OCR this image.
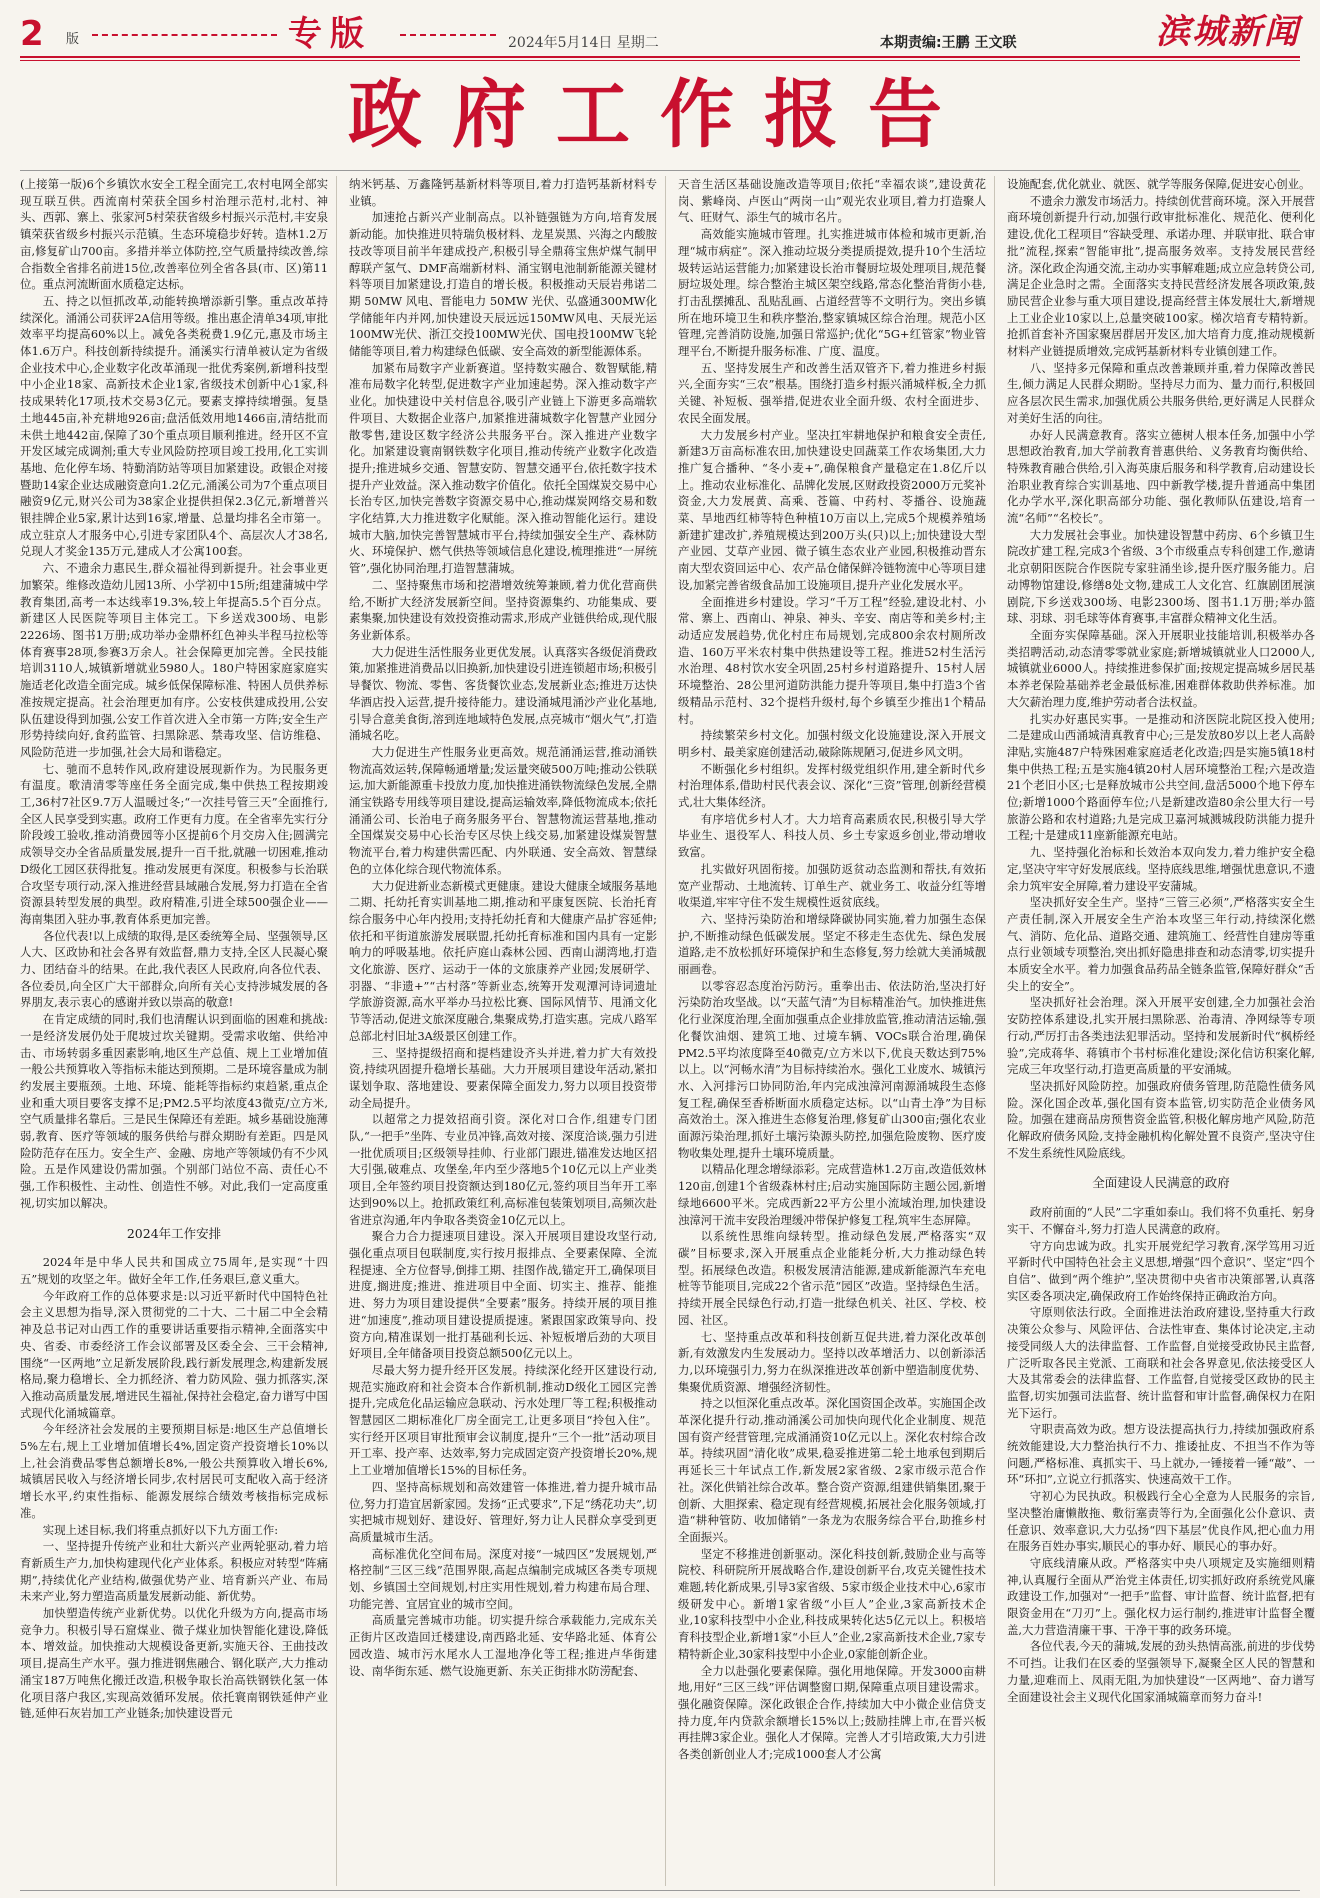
2 版	专版	2024年5月14日 星期二	本期责编:王鹏 王文联	滨城新闻
政府工作报告

(上接第一版)6个乡镇饮水安全工程全面完工,农村电网全部实现互联互供。西流南村荣获全国乡村治理示范村,北村、神头、西郭、寨上、张家河5村荣获省级乡村振兴示范村,丰安泉镇荣获省级乡村振兴示范镇。生态环境稳步好转。造林1.2万亩,修复矿山700亩。多措并举立体防控,空气质量持续改善,综合指数全省排名前进15位,改善率位列全省各县(市、区)第11位。重点河流断面水质稳定达标。

五、持之以恒抓改革,动能转换增添新引擎。重点改革持续深化。涌涌公司获评2A信用等级。推出惠企清单34项,审批效率平均提高60%以上。减免各类税费1.9亿元,惠及市场主体1.6万户。科技创新持续提升。涌溪实行清单被认定为省级企业技术中心,企业数字化改革涌现一批优秀案例,新增科技型中小企业18家、高新技术企业1家,省级技术创新中心1家,科技成果转化17项,技术交易3亿元。要素支撑持续增强。复垦土地445亩,补充耕地926亩;盘活低效用地1466亩,清结批而未供土地442亩,保障了30个重点项目顺利推进。经开区不宣开发区域完成调剂;重大专业风险防控项目竣工投用,化工实训基地、危化停车场、特勤消防站等项目加紧建设。政银企对接暨助14家企业达成融资意向1.2亿元,涌溪公司为7个重点项目融资9亿元,财兴公司为38家企业提供担保2.3亿元,新增普兴银挂牌企业5家,累计达到16家,增量、总量均排名全市第一。成立驻京人才服务中心,引进专家团队4个、高层次人才38名,兑现人才奖金135万元,建成人才公寓100套。

六、不遗余力惠民生,群众福祉得到新提升。社会事业更加繁荣。维修改造幼儿园13所、小学初中15所;组建蒲城中学教育集团,高考一本达线率19.3%,较上年提高5.5个百分点。新建区人民医院等项目主体完工。下乡送戏300场、电影2226场、图书1万册;成功举办金鼎杯红色神头半程马拉松等体育赛事28项,参赛3万余人。社会保障更加完善。全民技能培训3110人,城镇新增就业5980人。180户特困家庭家庭实施适老化改造全面完成。城乡低保保障标准、特困人员供养标准按规定提高。社会治理更加有序。公安枝供建成投用,公安队伍建设得到加强,公安工作首次进入全市第一方阵;安全生产形势持续向好,食药监管、扫黑除恶、禁毒攻坚、信访维稳、风险防范进一步加强,社会大局和谐稳定。

七、驰而不息转作风,政府建设展现新作为。为民服务更有温度。歌清清零等座任务全面完成,集中供热工程按期竣工,36村7社区9.7万人温暖过冬;“一次挂号管三天”全面推行,全区人民享受到实惠。政府工作更有力度。在全省率先实行分阶段竣工验收,推动消费园等小区提前6个月交房入住;圆满完成领导交办全省品质量发展,提升一百千批,就融一切困难,推动D级化工园区获得批复。推动发展更有深度。积极参与长治联合攻坚专项行动,深入推进经营县域融合发展,努力打造在全省资源县转型发展的典型。政府精准,引进全球500强企业——海南集团入驻办事,教育体系更加完善。

各位代表!以上成绩的取得,是区委统筹全局、坚强领导,区人大、区政协和社会各界有效监督,鼎力支持,全区人民凝心聚力、团结奋斗的结果。在此,我代表区人民政府,向各位代表、各位委员,向全区广大干部群众,向所有关心支持涉城发展的各界朋友,表示衷心的感谢并致以崇高的敬意!

在肯定成绩的同时,我们也清醒认识到面临的困难和挑战:一是经济发展仍处于爬坡过坎关键期。受需求收缩、供给冲击、市场转弱多重因素影响,地区生产总值、规上工业增加值一般公共预算收入等指标未能达到预期。二是环境容量成为制约发展主要瓶颈。土地、环境、能耗等指标约束趋紧,重点企业和重大项目要客支撑不足;PM2.5平均浓度43微克/立方米,空气质量排名靠后。三是民生保障还有差距。城乡基础设施薄弱,教育、医疗等领域的服务供给与群众期盼有差距。四是风险防范存在压力。安全生产、金融、房地产等领域仍有不少风险。五是作风建设仍需加强。个别部门站位不高、责任心不强,工作积极性、主动性、创造性不够。对此,我们一定高度重视,切实加以解决。

2024年工作安排

2024年是中华人民共和国成立75周年,是实现“十四五”规划的攻坚之年。做好全年工作,任务艰巨,意义重大。

今年政府工作的总体要求是:以习近平新时代中国特色社会主义思想为指导,深入贯彻党的二十大、二十届二中全会精神及总书记对山西工作的重要讲话重要指示精神,全面落实中央、省委、市委经济工作会议部署及区委全会、三干会精神,围绕“一区两地”立足新发展阶段,践行新发展理念,构建新发展格局,聚力稳增长、全力抓经济、着力防风险、强力抓落实,深入推动高质量发展,增进民生福祉,保持社会稳定,奋力谱写中国式现代化涌城篇章。

今年经济社会发展的主要预期目标是:地区生产总值增长5%左右,规上工业增加值增长4%,固定资产投资增长10%以上,社会消费品零售总额增长8%,一般公共预算收入增长6%,城镇居民收入与经济增长同步,农村居民可支配收入高于经济增长水平,约束性指标、能源发展综合绩效考核指标完成标准。

实现上述目标,我们将重点抓好以下九方面工作:

一、坚持提升传统产业和壮大新兴产业两轮驱动,着力培育新质生产力,加快构建现代化产业体系。积极应对转型“阵痛期”,持续优化产业结构,做强优势产业、培育新兴产业、布局未来产业,努力塑造高质量发展新动能、新优势。

加快塑造传统产业新优势。以优化升级为方向,提高市场竞争力。积极引导石窟煤业、微子煤业加快智能化建设,降低本、增效益。加快推动大规模设备更新,实施天谷、王曲技改项目,提高生产水平。强力推进钢焦融合、钢化联产,大力推动涌宝187万吨焦化搬迁改造,积极争取长治高铁钢铁化氢一体化项目落户我区,实现高效循环发展。依托寰南钢铁延伸产业链,延伸石灰岩加工产业链条;加快建设晋元

纳米钙基、万鑫隆钙基新材料等项目,着力打造钙基新材料专业镇。

加速抢占新兴产业制高点。以补链强链为方向,培育发展新动能。加快推进贝特瑞负极材料、龙星炭黑、兴海之内酸胺技改等项目前半年建成投产,积极引导全鼎蒋宝焦炉煤气制甲醇联产氢气、DMF高端新材料、涌宝钢电池制新能源关键材料等项目加紧建设,打造自的增长极。积极推动天辰岩弗诺二期 50MW 风电、晋能电力 50MW 光伏、弘盛通300MW化学储能年内并网,加快建设天辰远远150MW风电、天辰光运100MW光伏、浙江交投100MW光伏、国电投100MW飞轮储能等项目,着力构建绿色低碳、安全高效的新型能源体系。

加紧布局数字产业新赛道。坚持数实融合、数智赋能,精准布局数字化转型,促进数字产业加速起势。深入推动数字产业化。加快建设中关村信息谷,吸引产业链上下游更多高端软件项目、大数据企业落户,加紧推进蒲城数字化智慧产业园分散零售,建设区数字经济公共服务平台。深入推进产业数字化。加紧建设寰南钢铁数字化项目,推动传统产业数字化改造提升;推进城乡交通、智慧安防、智慧交通平台,依托数字技术提升产业效益。深入推动数字价值化。依托全国煤炭交易中心长治专区,加快完善数字资源交易中心,推动煤炭网络交易和数字化结算,大力推进数字化赋能。深入推动智能化运行。建设城市大脑,加快完善智慧城市平台,持续加强安全生产、森林防火、环境保护、燃气供热等领域信息化建设,梳理推进“一屏统管”,强化协同治理,打造智慧蒲城。

二、坚持聚焦市场和挖潜增效统筹兼顾,着力优化营商供给,不断扩大经济发展新空间。坚持资源集约、功能集成、要素集聚,加快建设有效投资推动需求,形成产业链供给成,现代服务业新体系。

大力促进生活性服务业更优发展。认真落实各级促消费政策,加紧推进消费品以旧换新,加快建设引进连锁超市场;积极引导餐饮、物流、零售、客货餐饮业态,发展新业态;推进万达快华酒店投入运营,提升接待能力。建设涌城甩涌沙产业化基地,引导合意美食街,溶到连地域特色发展,点亮城市“烟火气”,打造涌城名吃。

大力促进生产性服务业更高效。规范涌涌运营,推动涌铁物流高效运转,保障畅通增量;发运量突破500万吨;推动公铁联运,加大新能源重卡投放力度,加快推进涌铁物流绿色发展,全鼎涌宝铁路专用线等项目建设,提高运输效率,降低物流成本;依托涌涌公司、长治电子商务服务平台、智慧物流运营基地,推动全国煤炭交易中心长治专区尽快上线交易,加紧建设煤炭智慧物流平台,着力构建供需匹配、内外联通、安全高效、智慧绿色的立体化综合现代物流体系。

大力促进新业态新模式更健康。建设大健康全域服务基地二期、托幼托育实训基地二期,推动和平康复医院、长治托育综合服务中心年内投用;支持托幼托育和大健康产品扩容延伸;依托和平街道旅游发展联盟,托幼托育标准和国内具有一定影响力的呼吸基地。依托庐庭山森林公园、西南山湖湾地,打造文化旅游、医疗、运动于一体的文旅康养产业园;发展研学、羽器、“非遗+”“古村落”等新业态,统筹开发观潭河诗词遗址学旅游资源,高水平举办马拉松比赛、国际风情节、甩涌文化节等活动,促进文旅深度融合,集聚成势,打造实惠。完成八路军总部北村旧址3A级景区创建工作。

三、坚持提级招商和提档建设齐头并进,着力扩大有效投资,持续巩固提升稳增长基础。大力开展项目建设年活动,紧扣谋划争取、落地建设、要素保障全面发力,努力以项目投资带动全局提升。

以超常之力提效招商引资。深化对口合作,组建专门团队,“一把手”坐阵、专业员冲锋,高效对接、深度洽谈,强力引进一批优质项目;区级领导挂帅、行业部门跟进,锚准发达地区招大引强,破难点、攻堡垒,年内至少落地5个10亿元以上产业类项目,全年签约项目投资额达到180亿元,签约项目当年开工率达到90%以上。抢抓政策红利,高标准包装策划项目,高频次赴省进京沟通,年内争取各类资金10亿元以上。

聚合力合力提速项目建设。深入开展项目建设攻坚行动,强化重点项目包联制度,实行按月报排点、全要素保障、全流程提速、全方位督导,倒排工期、挂图作战,锚定开工,确保项目进度,搁进度;推进、推进项目中全面、切实主、推荐、能推进、努力为项目建设提供“全要素”服务。持续开展的项目推进“加速度”,推动项目建设提质提速。紧跟国家政策导向、投资方向,精准谋划一批打基础利长远、补短板增后劲的大项目好项目,全年储备项目投资总额500亿元以上。

尽最大努力提升经开区发展。持续深化经开区建设行动,规范实施政府和社会资本合作新机制,推动D级化工园区完善提升,完成危化品运输应急联动、污水处理厂等工程;积极推动智慧园区二期标准化厂房全面完工,让更多项目“拎包入住”。实行经开区项目审批预审会议制度,提升“三个一批”活动项目开工率、投产率、达效率,努力完成固定资产投资增长20%,规上工业增加值增长15%的目标任务。

四、坚持高标规划和高效建管一体推进,着力提升城市品位,努力打造宜居新家园。发扬“正式要求”,下足“绣花功夫”,切实把城市规划好、建设好、管理好,努力让人民群众享受到更高质量城市生活。

高标准优化空间布局。深度对接“一城四区”发展规划,严格控制“三区三线”范围界限,高起点编制完成城区各类专项规划、乡镇国土空间规划,村庄实用性规划,着力构建布局合理、功能完善、宜居宜业的城市空间。

高质量完善城市功能。切实提升综合承载能力,完成东关正街片区改造回迁楼建设,南西路北延、安华路北延、体育公园改造、城市污水尾水人工湿地净化等工程;推进卢华街建设、南华街东延、燃气设施更新、东关正街排水防涝配套、

天音生活区基础设施改造等项目;依托“幸福农谈”,建设黄花岗、紫峰岗、卢医山“两岗一山”观光农业项目,着力打造聚人气、旺财气、添生气的城市名片。

高效能实施城市管理。扎实推进城市体检和城市更新,治理“城市病症”。深入推动垃圾分类提质提效,提升10个生活垃圾转运站运营能力;加紧建设长治市餐厨垃圾处理项目,规范餐厨垃圾处理。综合整治主城区架空线路,常态化整治背街小巷,打击乱摆摊乱、乱贴乱画、占道经营等不文明行为。突出乡镇所在地环境卫生和秩序整治,整家镇城区综合治理。规范小区管理,完善消防设施,加强日常巡护;优化“5G+红管家”物业管理平台,不断提升服务标准、广度、温度。

五、坚持发展生产和改善生活双管齐下,着力推进乡村振兴,全面夯实“三农”根基。围绕打造乡村振兴涌城样板,全力抓关键、补短板、强举措,促进农业全面升级、农村全面进步、农民全面发展。

大力发展乡村产业。坚决扛牢耕地保护和粮食安全责任,新建3万亩高标准农田,加快建设史回蔬菜工作农场集团,大力推广复合播种、“冬小麦+”,确保粮食产量稳定在1.8亿斤以上。推动农业标准化、品牌化发展,区财政投资2000万元奖补资金,大力发展黄、高乘、苍篇、中药村、苓播谷、设施蔬菜、旱地西红柿等特色种植10万亩以上,完成5个规模养殖场新建扩建改扩,养殖规模达到200万头(只)以上;加快建设大型产业园、艾草产业园、微子镇生态农业产业园,积极推动晋东南大型农资回运中心、农产品仓储保鲜冷链物流中心等项目建设,加紧完善省级食品加工设施项目,提升产业化发展水平。

全面推进乡村建设。学习“千万工程”经验,建设北村、小常、寨上、西南山、神泉、神头、辛安、南店等和美乡村;主动适应发展趋势,优化村庄布局规划,完成800余农村厕所改造、160万平米农村集中供热建设等工程。推进52村生活污水治理、48村饮水安全巩固,25村乡村道路提升、15村人居环境整治、28公里河道防洪能力提升等项目,集中打造3个省级精品示范村、32个提档升级村,每个乡镇至少推出1个精品村。

持续繁荣乡村文化。加强村级文化设施建设,深入开展文明乡村、最美家庭创建活动,破除陈规陋习,促进乡风文明。

不断强化乡村组织。发挥村级党组织作用,建全新时代乡村治理体系,借助村民代表会议、深化“三资”管理,创新经营模式,壮大集体经济。

有序培优乡村人才。大力培育高素质农民,积极引导大学毕业生、退役军人、科技人员、乡土专家返乡创业,带动增收致富。

扎实做好巩固衔接。加强防返贫动态监测和帮扶,有效拓宽产业帮动、土地流转、订单生产、就业务工、收益分红等增收渠道,牢牢守住不发生规模性返贫底线。

六、坚持污染防治和增绿降碳协同实施,着力加强生态保护,不断推动绿色低碳发展。坚定不移走生态优先、绿色发展道路,走不放松抓好环境保护和生态修复,努力绘就大美涌城靓丽画卷。

以零容忍态度治污防污。重拳出击、依法防治,坚决打好污染防治攻坚战。以“天蓝气清”为目标精准治气。加快推进焦化行业深度治理,全面加强重点企业排放监管,推动清洁运输,强化餐饮油烟、建筑工地、过境车辆、VOCs联合治理,确保PM2.5平均浓度降至40微克/立方米以下,优良天数达到75%以上。以“河畅水清”为目标持续治水。强化工业废水、城镇污水、入河排污口协同防治,年内完成浊漳河南源涌城段生态修复工程,确保至香桥断面水质稳定达标。以“山青土净”为目标高效治土。深入推进生态修复治理,修复矿山300亩;强化农业面源污染治理,抓好土壤污染源头防控,加强危险废物、医疗废物收集处理,提升土壤环境质量。

以精品化理念增绿添彩。完成营造林1.2万亩,改造低效林120亩,创建1个省级森林村庄;启动实施国际防主题公园,新增绿地6600平米。完成西新22平方公里小流域治理,加快建设浊漳河干流丰安段治理缓冲带保护修复工程,筑牢生态屏障。

以系统性思维向绿转型。推动绿色发展,严格落实“双碳”目标要求,深入开展重点企业能耗分析,大力推动绿色转型。拓展绿色改造。积极发展清洁能源,建成新能源汽车充电桩等节能项目,完成22个省示范“园区”改造。坚持绿色生活。持续开展全民绿色行动,打造一批绿色机关、社区、学校、校园、社区。

七、坚持重点改革和科技创新互促共进,着力深化改革创新,有效激发内生发展动力。坚持以改革增活力、以创新添活力,以环境强引力,努力在纵深推进改革创新中塑造制度优势、集聚优质资源、增强经济韧性。

持之以恒深化重点改革。深化国资国企改革。实施国企改革深化提升行动,推动涌溪公司加快向现代化企业制度、规范国有资产经营管理,完成涌涌资10亿元以上。深化农村综合改革。持续巩固“清化收”成果,稳妥推进第二轮土地承包到期后再延长三十年试点工作,新发展2家省级、2家市级示范合作社。深化供销社综合改革。整合资产资源,组建供销集团,聚于创新、大胆探索、稳定现有经营规模,拓展社会化服务领域,打造“耕种管防、收加储销”一条龙为农服务综合平台,助推乡村全面振兴。

坚定不移推进创新驱动。深化科技创新,鼓励企业与高等院校、科研院所开展战略合作,建设创新平台,攻克关键性技术难题,转化新成果,引导3家省级、5家市级企业技术中心,6家市级研发中心。新增1家省级“小巨人”企业,3家高新技术企业,10家科技型中小企业,科技成果转化达5亿元以上。积极培育科技型企业,新增1家“小巨人”企业,2家高新技术企业,7家专精特新企业,30家科技型中小企业,0家能创新企业。

全力以赴强化要素保障。强化用地保障。开发3000亩耕地,用好“三区三线”评估调整窗口期,保障重点项目建设需求。强化融资保障。深化政银企合作,持续加大中小微企业信贷支持力度,年内贷款余额增长15%以上;鼓励挂牌上市,在晋兴板再挂牌3家企业。强化人才保障。完善人才引培政策,大力引进各类创新创业人才;完成1000套人才公寓

设施配套,优化就业、就医、就学等服务保障,促进安心创业。

不遗余力激发市场活力。持续创优营商环境。深入开展营商环境创新提升行动,加强行政审批标准化、规范化、便利化建设,优化工程项目“容缺受理、承诺办理、并联审批、联合审批”流程,探索“智能审批”,提高服务效率。支持发展民营经济。深化政企沟通交流,主动办实事解难题;成立应急转贷公司,满足企业急时之需。全面落实支持民营经济发展各项政策,鼓励民营企业参与重大项目建设,提高经营主体发展壮大,新增规上工业企业10家以上,总量突破100家。梯次培育专精特新。抢抓首套补齐国家聚居群居开发区,加大培育力度,推动规模新材料产业链提质增效,完成钙基新材料专业镇创建工作。

八、坚持多元保障和重点改善兼顾并重,着力保障改善民生,倾力满足人民群众期盼。坚持尽力而为、量力而行,积极回应各层次民生需求,加强优质公共服务供给,更好满足人民群众对美好生活的向往。

办好人民满意教育。落实立德树人根本任务,加强中小学思想政治教育,加大学前教育普惠供给、义务教育均衡供给、特殊教育融合供给,引入海英康后服务和科学教育,启动建设长治职业教育综合实训基地、四中新教学楼,提升普通高中集团化办学水平,深化职高部分功能、强化教师队伍建设,培育一流“名师”“名校长”。

大力发展社会事业。加快建设智慧中药房、6个乡镇卫生院改扩建工程,完成3个省级、3个市级重点专科创建工作,邀请北京朝阳医院合作医院专家驻涌坐诊,提升医疗服务能力。启动博物馆建设,修缮8处文物,建成工人文化宫、红旗剧团展演剧院,下乡送戏300场、电影2300场、图书1.1万册;举办篮球、羽球、羽毛球等体育赛事,丰富群众精神文化生活。

全面夯实保障基础。深入开展职业技能培训,积极举办各类招聘活动,动态清零零就业家庭;新增城镇就业人口2000人,城镇就业6000人。持续推进参保扩面;按规定提高城乡居民基本养老保险基础养老金最低标准,困难群体救助供养标准。加大欠薪治理力度,维护劳动者合法权益。

扎实办好惠民实事。一是推动和济医院北院区投入使用;二是建成山西涌城清真教育中心;三是发放80岁以上老人高龄津贴,实施487户特殊困难家庭适老化改造;四是实施5镇18村集中供热工程;五是实施4镇20村人居环境整治工程;六是改造21个老旧小区;七是释放城市公共空间,盘活5000个地下停车位;新增1000个路面停车位;八是新建改造80余公里大行一号旅游公路和农村道路;九是完成卫嘉河城溅城段防洪能力提升工程;十是建成11座新能源充电站。

九、坚持强化治标和长效治本双向发力,着力维护安全稳定,坚决守牢守好发展底线。坚持底线思维,增强忧患意识,不遗余力筑牢安全屏障,着力建设平安蒲城。

坚决抓好安全生产。坚持“三管三必须”,严格落实安全生产责任制,深入开展安全生产治本攻坚三年行动,持续深化燃气、消防、危化品、道路交通、建筑施工、经营性自建房等重点行业领域专项整治,突出抓好隐患排查和动态清零,切实提升本质安全水平。着力加强食品药品全链条监管,保障好群众“舌尖上的安全”。

坚决抓好社会治理。深入开展平安创建,全力加强社会治安防控体系建设,扎实开展扫黑除恶、治毒清、净网绿等专项行动,严厉打击各类违法犯罪活动。坚持和发展新时代“枫桥经验”,完成蒋华、蒋镇市个书村标准化建设;深化信访积案化解,完成三年攻坚行动,打造更高质量的平安涌城。

坚决抓好风险防控。加强政府债务管理,防范隐性债务风险。深化国企改革,强化国有资本监管,切实防范企业债务风险。加强在建商品房预售资金监管,积极化解房地产风险,防范化解政府债务风险,支持金融机构化解处置不良资产,坚决守住不发生系统性风险底线。

全面建设人民满意的政府

政府前面的“人民”二字重如泰山。我们将不负重托、躬身实干、不懈奋斗,努力打造人民满意的政府。

守方向忠诚为政。扎实开展党纪学习教育,深学笃用习近平新时代中国特色社会主义思想,增强“四个意识”、坚定“四个自信”、做到“两个维护”,坚决贯彻中央省市决策部署,认真落实区委各项决定,确保政府工作始终保持正确政治方向。

守原则依法行政。全面推进法治政府建设,坚持重大行政决策公众参与、风险评估、合法性审查、集体讨论决定,主动接受同级人大的法律监督、工作监督,自觉接受政协民主监督,广泛听取各民主党派、工商联和社会各界意见,依法接受区人大及其常委会的法律监督、工作监督,自觉接受区政协的民主监督,切实加强司法监督、统计监督和审计监督,确保权力在阳光下运行。

守职责高效为政。想方设法提高执行力,持续加强政府系统效能建设,大力整治执行不力、推诿扯皮、不担当不作为等问题,严格标准、真抓实干、马上就办,一锤接着一锤“敲”、一环“环扣”,立说立行抓落实、快速高效干工作。

守初心为民执政。积极践行全心全意为人民服务的宗旨,坚决整治庸懒散拖、敷衍塞责等行为,全面强化公仆意识、责任意识、效率意识,大力弘扬“四下基层”优良作风,把心血力用在服务百姓办事实,顺民心的事办好、顺民心的事办好。

守底线清廉从政。严格落实中央八项规定及实施细则精神,认真履行全面从严治党主体责任,切实抓好政府系统党风廉政建设工作,加强对“一把手”监督、审计监督、统计监督,把有限资金用在“刀刃”上。强化权力运行制约,推进审计监督全覆盖,大力营造清廉干事、干净干事的政务环境。

各位代表,今天的蒲城,发展的劲头热情高涨,前进的步伐势不可挡。让我们在区委的坚强领导下,凝聚全区人民的智慧和力量,迎难而上、凤雨无阻,为加快建设“一区两地”、奋力谱写全面建设社会主义现代化国家涌城篇章而努力奋斗!
